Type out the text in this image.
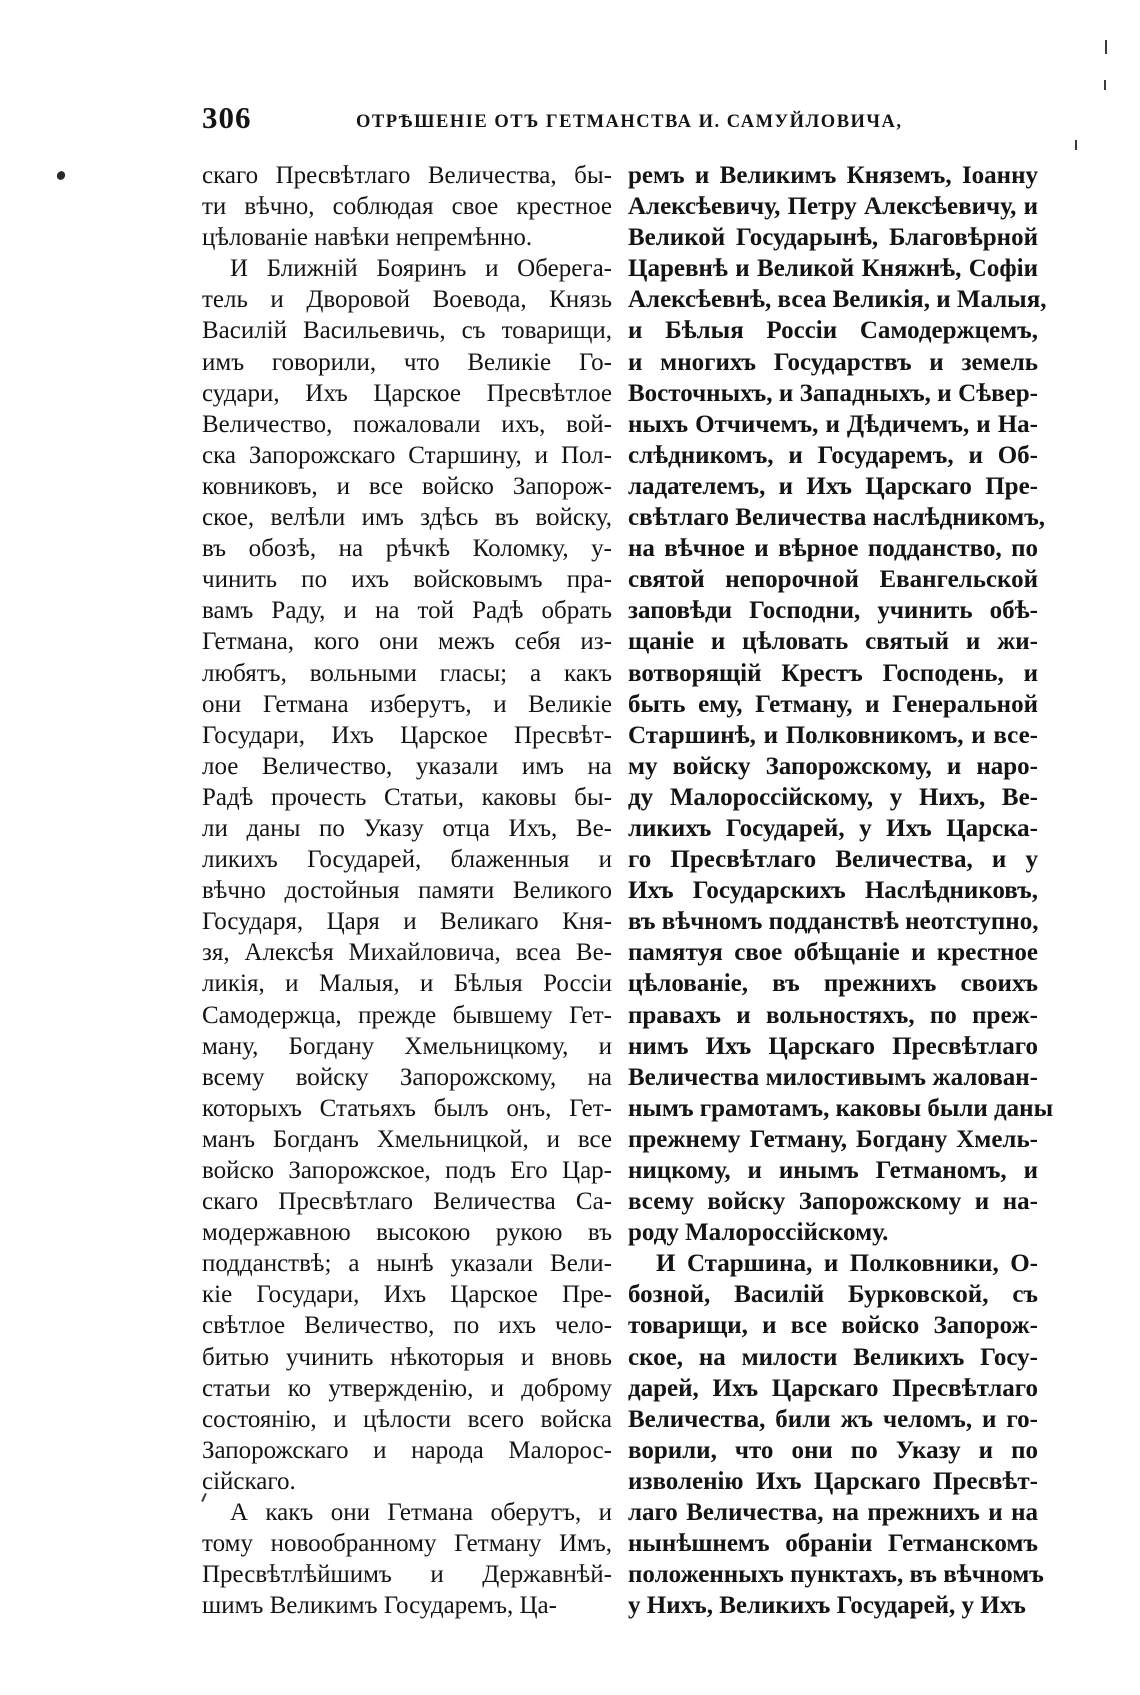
306	ОТРѢШЕНІЕ ОТЪ ГЕТМАНСТВА И. САМУЙЛОВИЧА,
скаго Пресвѣтлаго Величества, бы-
ти вѣчно, соблюдая свое крестное
цѣлованіе навѣки непремѣнно.
И Ближній Бояринъ и Оберега-
тель и Дворовой Воевода, Князь
Василій Васильевичь, съ товарищи,
имъ говорили, что Великіе Го-
судари, Ихъ Царское Пресвѣтлое
Величество, пожаловали ихъ, вой-
ска Запорожскаго Старшину, и Пол-
ковниковъ, и все войско Запорож-
ское, велѣли имъ здѣсь въ войску,
въ обозѣ, на рѣчкѣ Коломку, у-
чинить по ихъ войсковымъ пра-
вамъ Раду, и на той Радѣ обрать
Гетмана, кого они межъ себя из-
любятъ, вольными гласы; а какъ
они Гетмана изберутъ, и Великіе
Государи, Ихъ Царское Пресвѣт-
лое Величество, указали имъ на
Радѣ прочесть Статьи, каковы бы-
ли даны по Указу отца Ихъ, Ве-
ликихъ Государей, блаженныя и
вѣчно достойныя памяти Великого
Государя, Царя и Великаго Кня-
зя, Алексѣя Михайловича, всеа Ве-
ликія, и Малыя, и Бѣлыя Россіи
Самодержца, прежде бывшему Гет-
ману, Богдану Хмельницкому, и
всему войску Запорожскому, на
которыхъ Статьяхъ былъ онъ, Гет-
манъ Богданъ Хмельницкой, и все
войско Запорожское, подъ Его Цар-
скаго Пресвѣтлаго Величества Са-
модержавною высокою рукою въ
подданствѣ; а нынѣ указали Вели-
кіе Государи, Ихъ Царское Пре-
свѣтлое Величество, по ихъ чело-
битью учинить нѣкоторыя и вновь
статьи ко утвержденію, и доброму
состоянію, и цѣлости всего войска
Запорожскаго и народа Малорос-
сійскаго.
А какъ они Гетмана оберутъ, и
тому новообранному Гетману Имъ,
Пресвѣтлѣйшимъ и Державнѣй-
шимъ Великимъ Государемъ, Ца-
ремъ и Великимъ Княземъ, Іоанну
Алексѣевичу, Петру Алексѣевичу, и
Великой Государынѣ, Благовѣрной
Царевнѣ и Великой Княжнѣ, Софіи
Алексѣевнѣ, всеа Великія, и Малыя,
и Бѣлыя Россіи Самодержцемъ,
и многихъ Государствъ и земель
Восточныхъ, и Западныхъ, и Сѣвер-
ныхъ Отчичемъ, и Дѣдичемъ, и На-
слѣдникомъ, и Государемъ, и Об-
ладателемъ, и Ихъ Царскаго Пре-
свѣтлаго Величества наслѣдникомъ,
на вѣчное и вѣрное подданство, по
святой непорочной Евангельской
заповѣди Господни, учинить обѣ-
щаніе и цѣловать святый и жи-
вотворящій Крестъ Господень, и
быть ему, Гетману, и Генеральной
Старшинѣ, и Полковникомъ, и все-
му войску Запорожскому, и наро-
ду Малороссійскому, у Нихъ, Ве-
ликихъ Государей, у Ихъ Царска-
го Пресвѣтлаго Величества, и у
Ихъ Государскихъ Наслѣдниковъ,
въ вѣчномъ подданствѣ неотступно,
памятуя свое обѣщаніе и крестное
цѣлованіе, въ прежнихъ своихъ
правахъ и вольностяхъ, по преж-
нимъ Ихъ Царскаго Пресвѣтлаго
Величества милостивымъ жалован-
нымъ грамотамъ, каковы были даны
прежнему Гетману, Богдану Хмель-
ницкому, и инымъ Гетманомъ, и
всему войску Запорожскому и на-
роду Малороссійскому.
И Старшина, и Полковники, О-
бозной, Василій Бурковской, съ
товарищи, и все войско Запорож-
ское, на милости Великихъ Госу-
дарей, Ихъ Царскаго Пресвѣтлаго
Величества, били жъ челомъ, и го-
ворили, что они по Указу и по
изволенію Ихъ Царскаго Пресвѣт-
лаго Величества, на прежнихъ и на
нынѣшнемъ обраніи Гетманскомъ
положенныхъ пунктахъ, въ вѣчномъ
у Нихъ, Великихъ Государей, у Ихъ
